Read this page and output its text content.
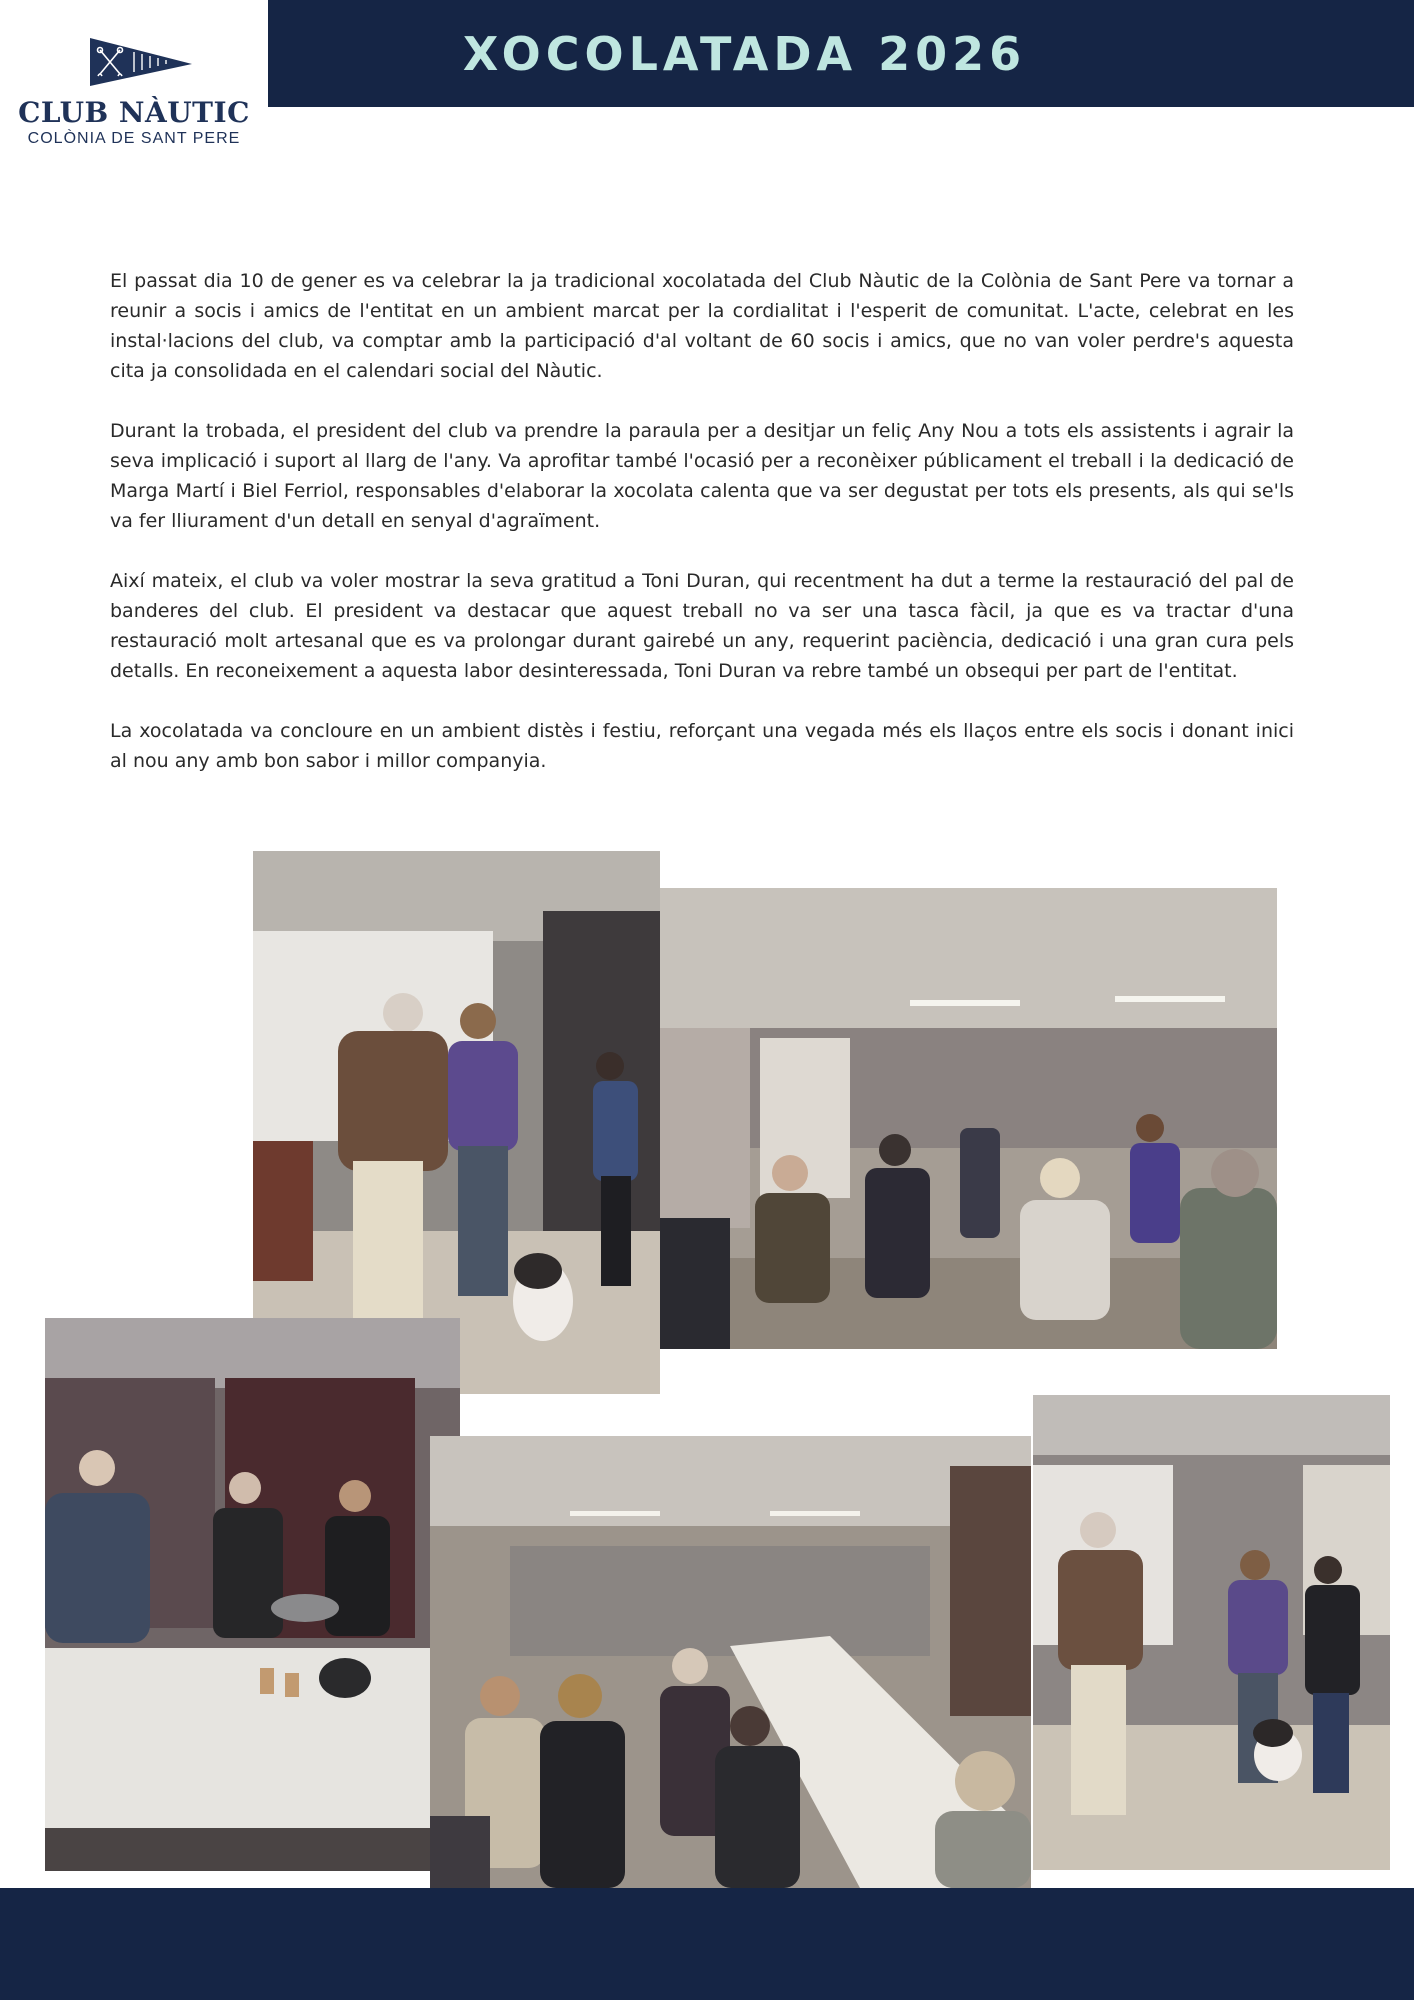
XOCOLATADA 2026
CLUB NÀUTIC
COLÒNIA DE SANT PERE

El passat dia 10 de gener es va celebrar la ja tradicional xocolatada del Club Nàutic de la Colònia de Sant Pere va tornar a reunir a socis i amics de l'entitat en un ambient marcat per la cordialitat i l'esperit de comunitat. L'acte, celebrat en les instal·lacions del club, va comptar amb la participació d'al voltant de 60 socis i amics, que no van voler perdre's aquesta cita ja consolidada en el calendari social del Nàutic.

Durant la trobada, el president del club va prendre la paraula per a desitjar un feliç Any Nou a tots els assistents i agrair la seva implicació i suport al llarg de l'any. Va aprofitar també l'ocasió per a reconèixer públicament el treball i la dedicació de Marga Martí i Biel Ferriol, responsables d'elaborar la xocolata calenta que va ser degustat per tots els presents, als qui se'ls va fer lliurament d'un detall en senyal d'agraïment.

Així mateix, el club va voler mostrar la seva gratitud a Toni Duran, qui recentment ha dut a terme la restauració del pal de banderes del club. El president va destacar que aquest treball no va ser una tasca fàcil, ja que es va tractar d'una restauració molt artesanal que es va prolongar durant gairebé un any, requerint paciència, dedicació i una gran cura pels detalls. En reconeixement a aquesta labor desinteressada, Toni Duran va rebre també un obsequi per part de l'entitat.

La xocolatada va concloure en un ambient distès i festiu, reforçant una vegada més els llaços entre els socis i donant inici al nou any amb bon sabor i millor companyia.
